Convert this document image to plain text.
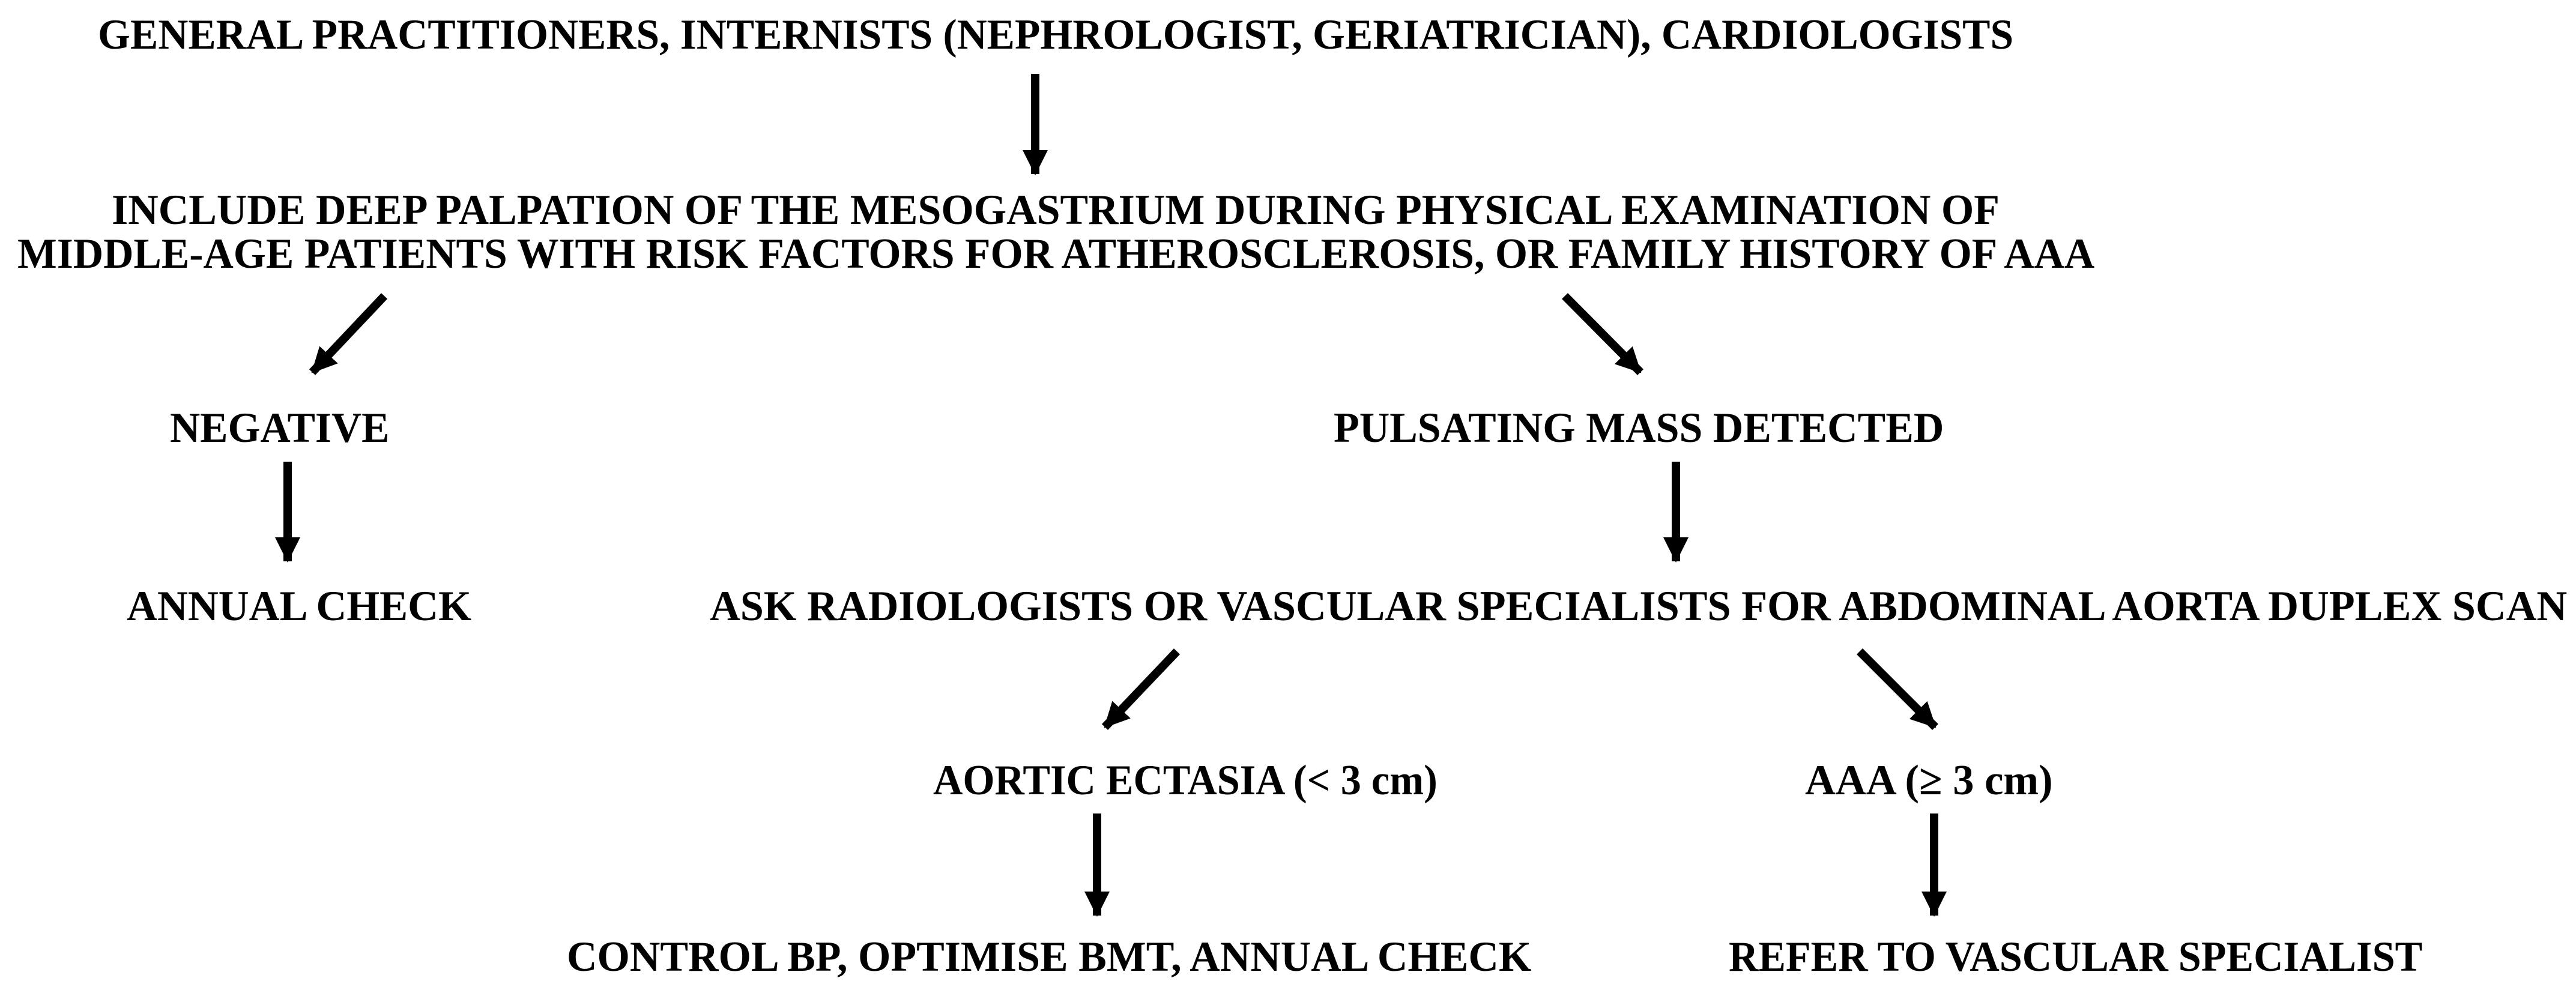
GENERAL PRACTITIONERS, INTERNISTS (NEPHROLOGIST, GERIATRICIAN), CARDIOLOGISTS
INCLUDE DEEP PALPATION OF THE MESOGASTRIUM DURING PHYSICAL EXAMINATION OF
MIDDLE-AGE PATIENTS WITH RISK FACTORS FOR ATHEROSCLEROSIS, OR FAMILY HISTORY OF AAA
NEGATIVE	PULSATING MASS DETECTED
ANNUAL CHECK	ASK RADIOLOGISTS OR VASCULAR SPECIALISTS FOR ABDOMINAL AORTA DUPLEX SCAN
AORTIC ECTASIA (< 3 cm)	AAA (≥ 3 cm)
CONTROL BP, OPTIMISE BMT, ANNUAL CHECK	REFER TO VASCULAR SPECIALIST
